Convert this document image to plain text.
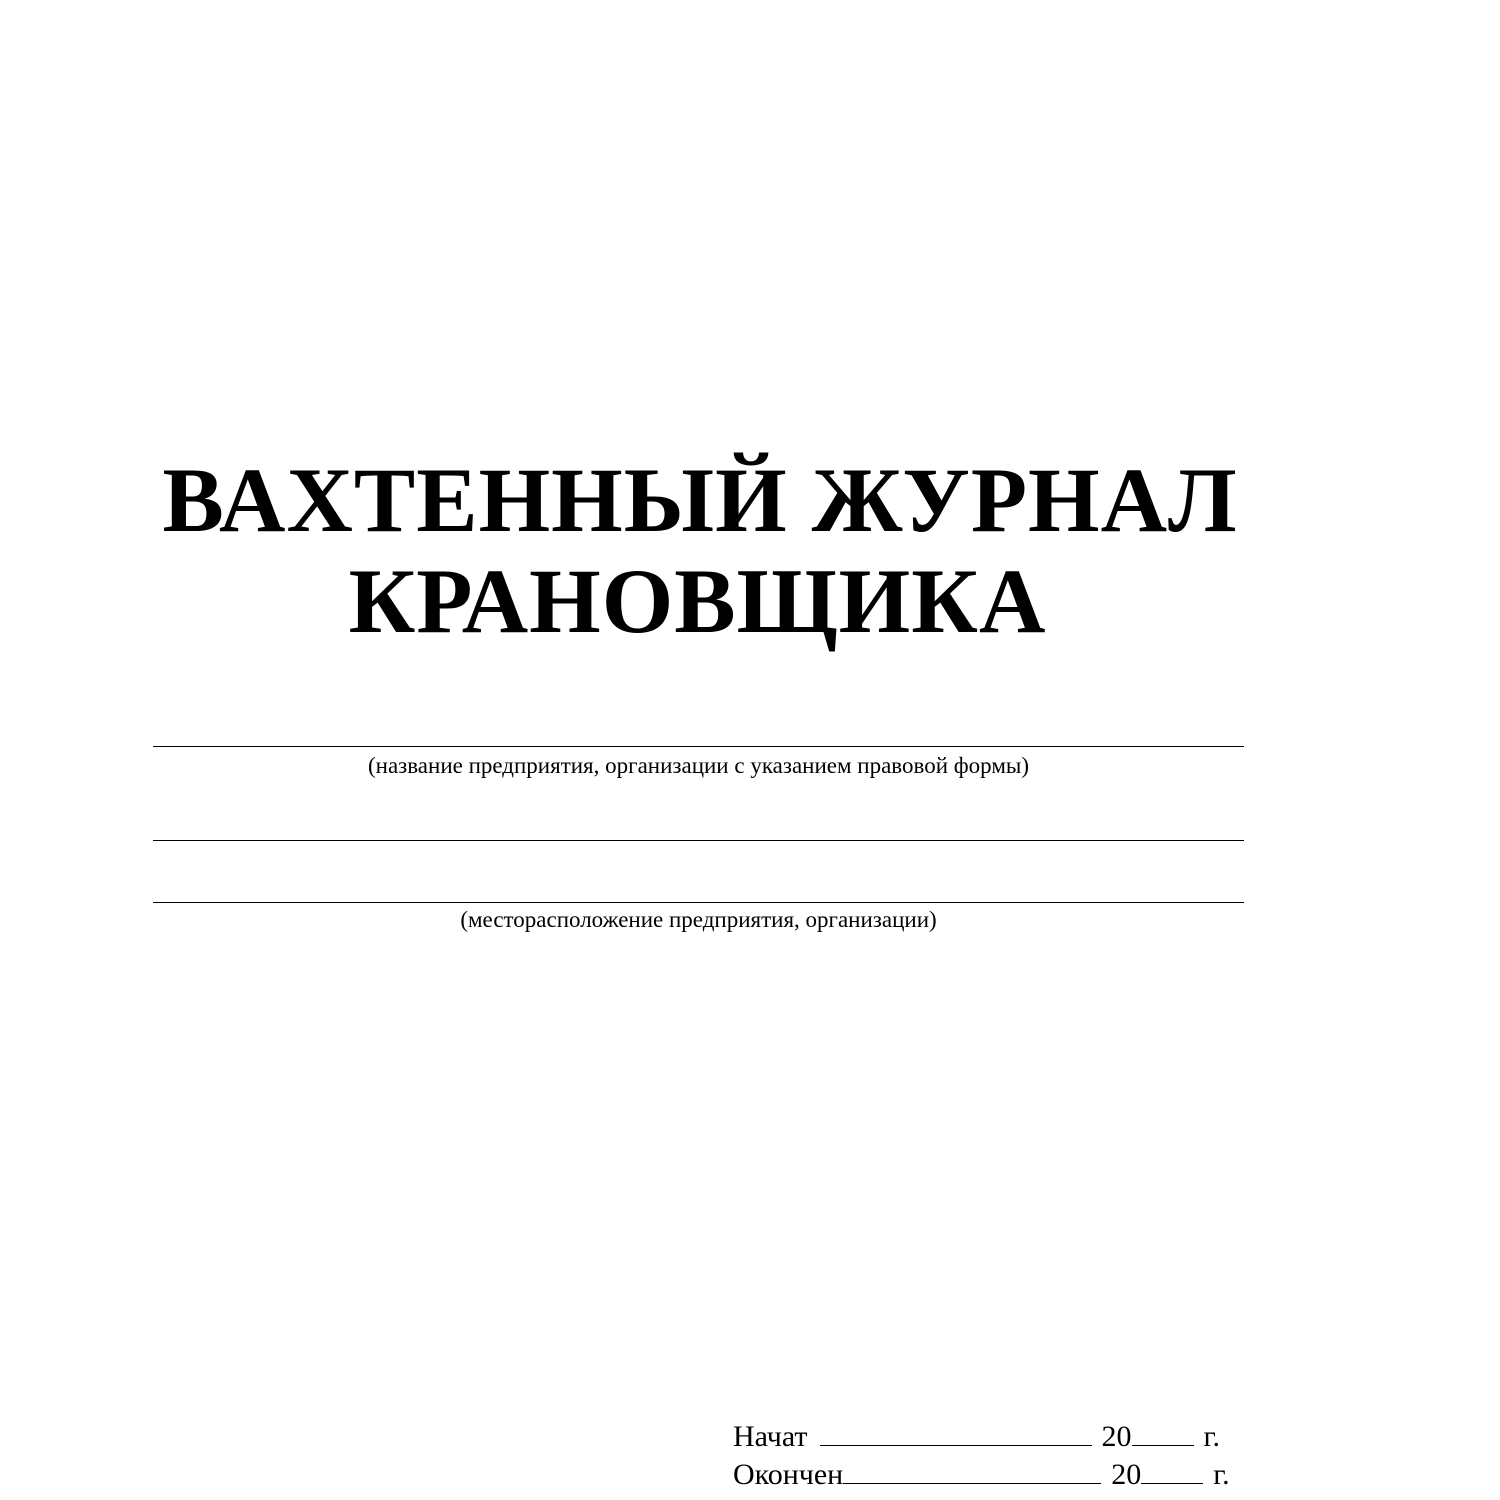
ВАХТЕННЫЙ ЖУРНАЛ
КРАНОВЩИКА
(название предприятия, организации с указанием правовой формы)
(месторасположение предприятия, организации)
Начат	20 г.
Окончен	20 г.
